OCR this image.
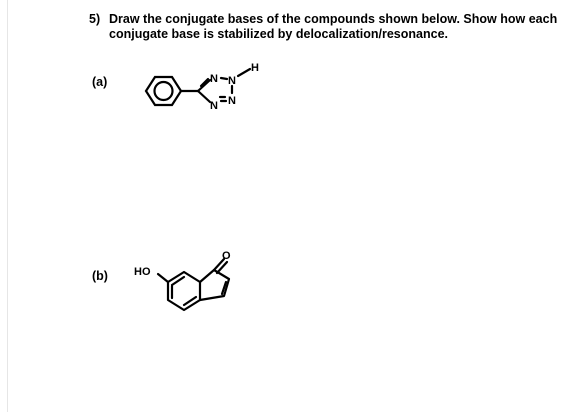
5) Draw the conjugate bases of the compounds shown below. Show how each
conjugate base is stabilized by delocalization/resonance.
(a)
(b)
N N
N
N
H
HO
O
